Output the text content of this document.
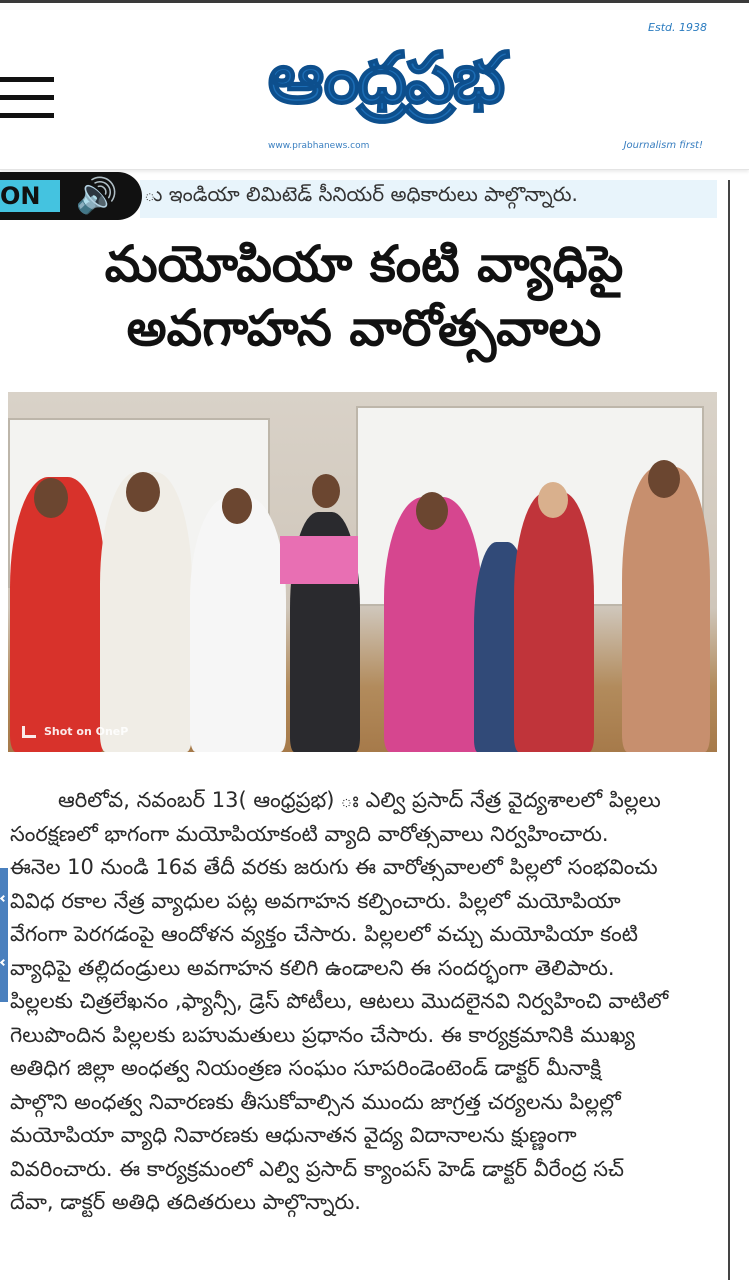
Estd. 1938
ఆంధ్రప్రభ
www.prabhanews.com	Journalism first!
ు ఇండియా లిమిటెడ్ సీనియర్ అధికారులు పాల్గొన్నారు.
ON	🔊
మయోపియా కంటి వ్యాధిపై
అవగాహన వారోత్సవాలు
Shot on OneP
ఆరిలోవ, నవంబర్ 13( ఆంధ్రప్రభ) ః ఎల్వి ప్రసాద్ నేత్ర వైద్యశాలలో పిల్లలు
సంరక్షణలో భాగంగా మయోపియాకంటి వ్యాది వారోత్సవాలు నిర్వహించారు.
ఈనెల 10 నుండి 16వ తేదీ వరకు జరుగు ఈ వారోత్సవాలలో పిల్లలో సంభవించు
వివిధ రకాల నేత్ర వ్యాధుల పట్ల అవగాహన కల్పించారు. పిల్లలో మయోపియా
వేగంగా పెరగడంపై ఆందోళన వ్యక్తం చేసారు. పిల్లలలో వచ్చు మయోపియా కంటి
వ్యాధిపై తల్లిదండ్రులు అవగాహన కలిగి ఉండాలని ఈ సందర్భంగా తెలిపారు.
పిల్లలకు చిత్రలేఖనం ,ఫ్యాన్సీ, డ్రెస్ పోటీలు, ఆటలు మొదలైనవి నిర్వహించి వాటిలో
గెలుపొందిన పిల్లలకు బహుమతులు ప్రధానం చేసారు. ఈ కార్యక్రమానికి ముఖ్య
అతిధిగ జిల్లా అంధత్వ నియంత్రణ సంఘం సూపరిండెంటెండ్ డాక్టర్ మీనాక్షి
పాల్గొని అంధత్వ నివారణకు తీసుకోవాల్సిన ముందు జాగ్రత్త చర్యలను పిల్లల్లో
మయోపియా వ్యాధి నివారణకు ఆధునాతన వైద్య విదానాలను క్షుణ్ణంగా
వివరించారు. ఈ కార్యక్రమంలో ఎల్వి ప్రసాద్ క్యాంపస్ హెడ్ డాక్టర్ వీరేంద్ర సచ్
దేవా, డాక్టర్ అతిధి తదితరులు పాల్గొన్నారు.
